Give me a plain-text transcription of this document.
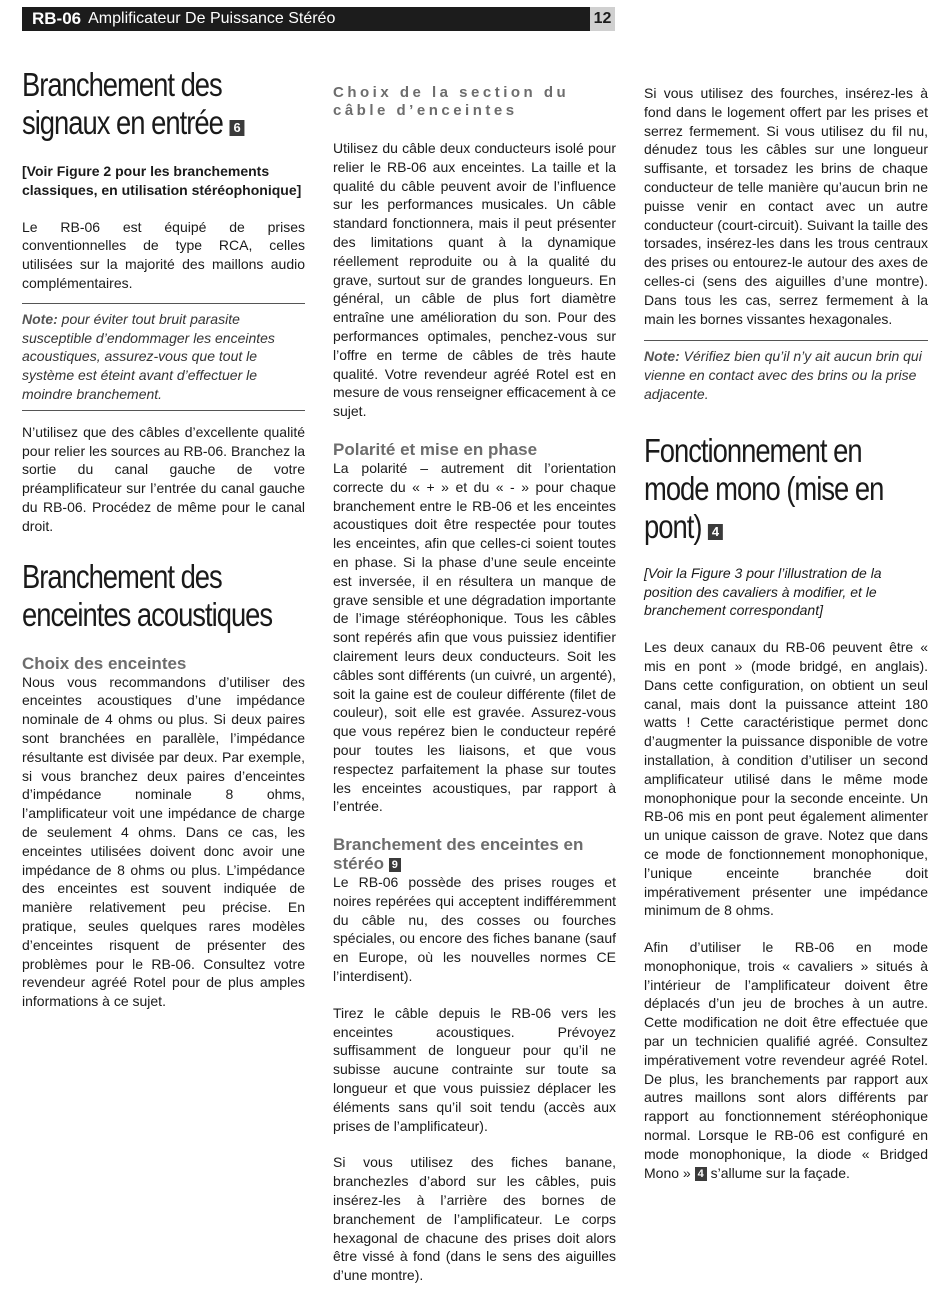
RB-06 Amplificateur De Puissance Stéréo	12
Branchement des signaux en entrée 6

[Voir Figure 2 pour les branchements classiques, en utilisation stéréophonique]

Le RB-06 est équipé de prises conventionnelles de type RCA, celles utilisées sur la majorité des maillons audio complémentaires.

Note: pour éviter tout bruit parasite susceptible d’endommager les enceintes acoustiques, assurez-vous que tout le système est éteint avant d’effectuer le moindre branchement.

N’utilisez que des câbles d’excellente qualité pour relier les sources au RB-06. Branchez la sortie du canal gauche de votre préamplificateur sur l’entrée du canal gauche du RB-06. Procédez de même pour le canal droit.

Branchement des enceintes acoustiques
Choix des enceintes

Nous vous recommandons d’utiliser des enceintes acoustiques d’une impédance nominale de 4 ohms ou plus. Si deux paires sont branchées en parallèle, l’impédance résultante est divisée par deux. Par exemple, si vous branchez deux paires d’enceintes d’impédance nominale 8 ohms, l’amplificateur voit une impédance de charge de seulement 4 ohms. Dans ce cas, les enceintes utilisées doivent donc avoir une impédance de 8 ohms ou plus. L’impédance des enceintes est souvent indiquée de manière relativement peu précise. En pratique, seules quelques rares modèles d’enceintes risquent de présenter des problèmes pour le RB-06. Consultez votre revendeur agréé Rotel pour de plus amples informations à ce sujet.

Choix de la section du câble d’enceintes

Utilisez du câble deux conducteurs isolé pour relier le RB-06 aux enceintes. La taille et la qualité du câble peuvent avoir de l’influence sur les performances musicales. Un câble standard fonctionnera, mais il peut présenter des limitations quant à la dynamique réellement reproduite ou à la qualité du grave, surtout sur de grandes longueurs. En général, un câble de plus fort diamètre entraîne une amélioration du son. Pour des performances optimales, penchez-vous sur l’offre en terme de câbles de très haute qualité. Votre revendeur agréé Rotel est en mesure de vous renseigner efficacement à ce sujet.

Polarité et mise en phase

La polarité – autrement dit l’orientation correcte du « + » et du « - » pour chaque branchement entre le RB-06 et les enceintes acoustiques doit être respectée pour toutes les enceintes, afin que celles-ci soient toutes en phase. Si la phase d’une seule enceinte est inversée, il en résultera un manque de grave sensible et une dégradation importante de l’image stéréophonique. Tous les câbles sont repérés afin que vous puissiez identifier clairement leurs deux conducteurs. Soit les câbles sont différents (un cuivré, un argenté), soit la gaine est de couleur différente (filet de couleur), soit elle est gravée. Assurez-vous que vous repérez bien le conducteur repéré pour toutes les liaisons, et que vous respectez parfaitement la phase sur toutes les enceintes acoustiques, par rapport à l’entrée.

Branchement des enceintes en stéréo 9

Le RB-06 possède des prises rouges et noires repérées qui acceptent indifféremment du câble nu, des cosses ou fourches spéciales, ou encore des fiches banane (sauf en Europe, où les nouvelles normes CE l’interdisent).

Tirez le câble depuis le RB-06 vers les enceintes acoustiques. Prévoyez suffisamment de longueur pour qu’il ne subisse aucune contrainte sur toute sa longueur et que vous puissiez déplacer les éléments sans qu’il soit tendu (accès aux prises de l’amplificateur).

Si vous utilisez des fiches banane, branchezles d’abord sur les câbles, puis insérez-les à l’arrière des bornes de branchement de l’amplificateur. Le corps hexagonal de chacune des prises doit alors être vissé à fond (dans le sens des aiguilles d’une montre).

Si vous utilisez des fourches, insérez-les à fond dans le logement offert par les prises et serrez fermement. Si vous utilisez du fil nu, dénudez tous les câbles sur une longueur suffisante, et torsadez les brins de chaque conducteur de telle manière qu’aucun brin ne puisse venir en contact avec un autre conducteur (court-circuit). Suivant la taille des torsades, insérez-les dans les trous centraux des prises ou entourez-le autour des axes de celles-ci (sens des aiguilles d’une montre). Dans tous les cas, serrez fermement à la main les bornes vissantes hexagonales.

Note: Vérifiez bien qu’il n’y ait aucun brin qui vienne en contact avec des brins ou la prise adjacente.
Fonctionnement en mode mono (mise en pont) 4

[Voir la Figure 3 pour l’illustration de la position des cavaliers à modifier, et le branchement correspondant]

Les deux canaux du RB-06 peuvent être « mis en pont » (mode bridgé, en anglais). Dans cette configuration, on obtient un seul canal, mais dont la puissance atteint 180 watts ! Cette caractéristique permet donc d’augmenter la puissance disponible de votre installation, à condition d’utiliser un second amplificateur utilisé dans le même mode monophonique pour la seconde enceinte. Un RB-06 mis en pont peut également alimenter un unique caisson de grave. Notez que dans ce mode de fonctionnement monophonique, l’unique enceinte branchée doit impérativement présenter une impédance minimum de 8 ohms.

Afin d’utiliser le RB-06 en mode monophonique, trois « cavaliers » situés à l’intérieur de l’amplificateur doivent être déplacés d’un jeu de broches à un autre. Cette modification ne doit être effectuée que par un technicien qualifié agréé. Consultez impérativement votre revendeur agréé Rotel. De plus, les branchements par rapport aux autres maillons sont alors différents par rapport au fonctionnement stéréophonique normal. Lorsque le RB-06 est configuré en mode monophonique, la diode « Bridged Mono » 4 s’allume sur la façade.
